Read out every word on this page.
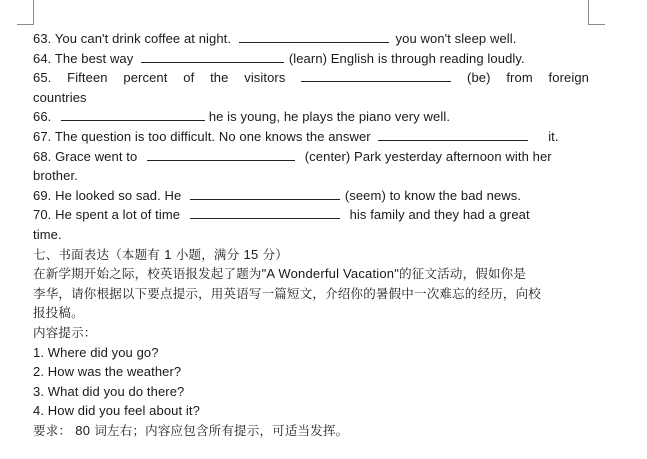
63. You can't drink coffee at night.	you won't sleep well.
64. The best way	(learn) English is through reading loudly.
65. Fifteen percent of the visitors	(be) from foreign
countries
66.	he is young, he plays the piano very well.
67. The question is too difficult. No one knows the answer	it.
68. Grace went to	(center) Park yesterday afternoon with her
brother.
69. He looked so sad. He	(seem) to know the bad news.
70. He spent a lot of time	his family and they had a great
time.
七、书面表达（本题有 1 小题，满分 15 分）
在新学期开始之际，校英语报发起了题为"A Wonderful Vacation"的征文活动，假如你是
李华，请你根据以下要点提示，用英语写一篇短文，介绍你的暑假中一次难忘的经历，向校
报投稿。
内容提示：
1. Where did you go?
2. How was the weather?
3. What did you do there?
4. How did you feel about it?
要求： 80 词左右；内容应包含所有提示，可适当发挥。
